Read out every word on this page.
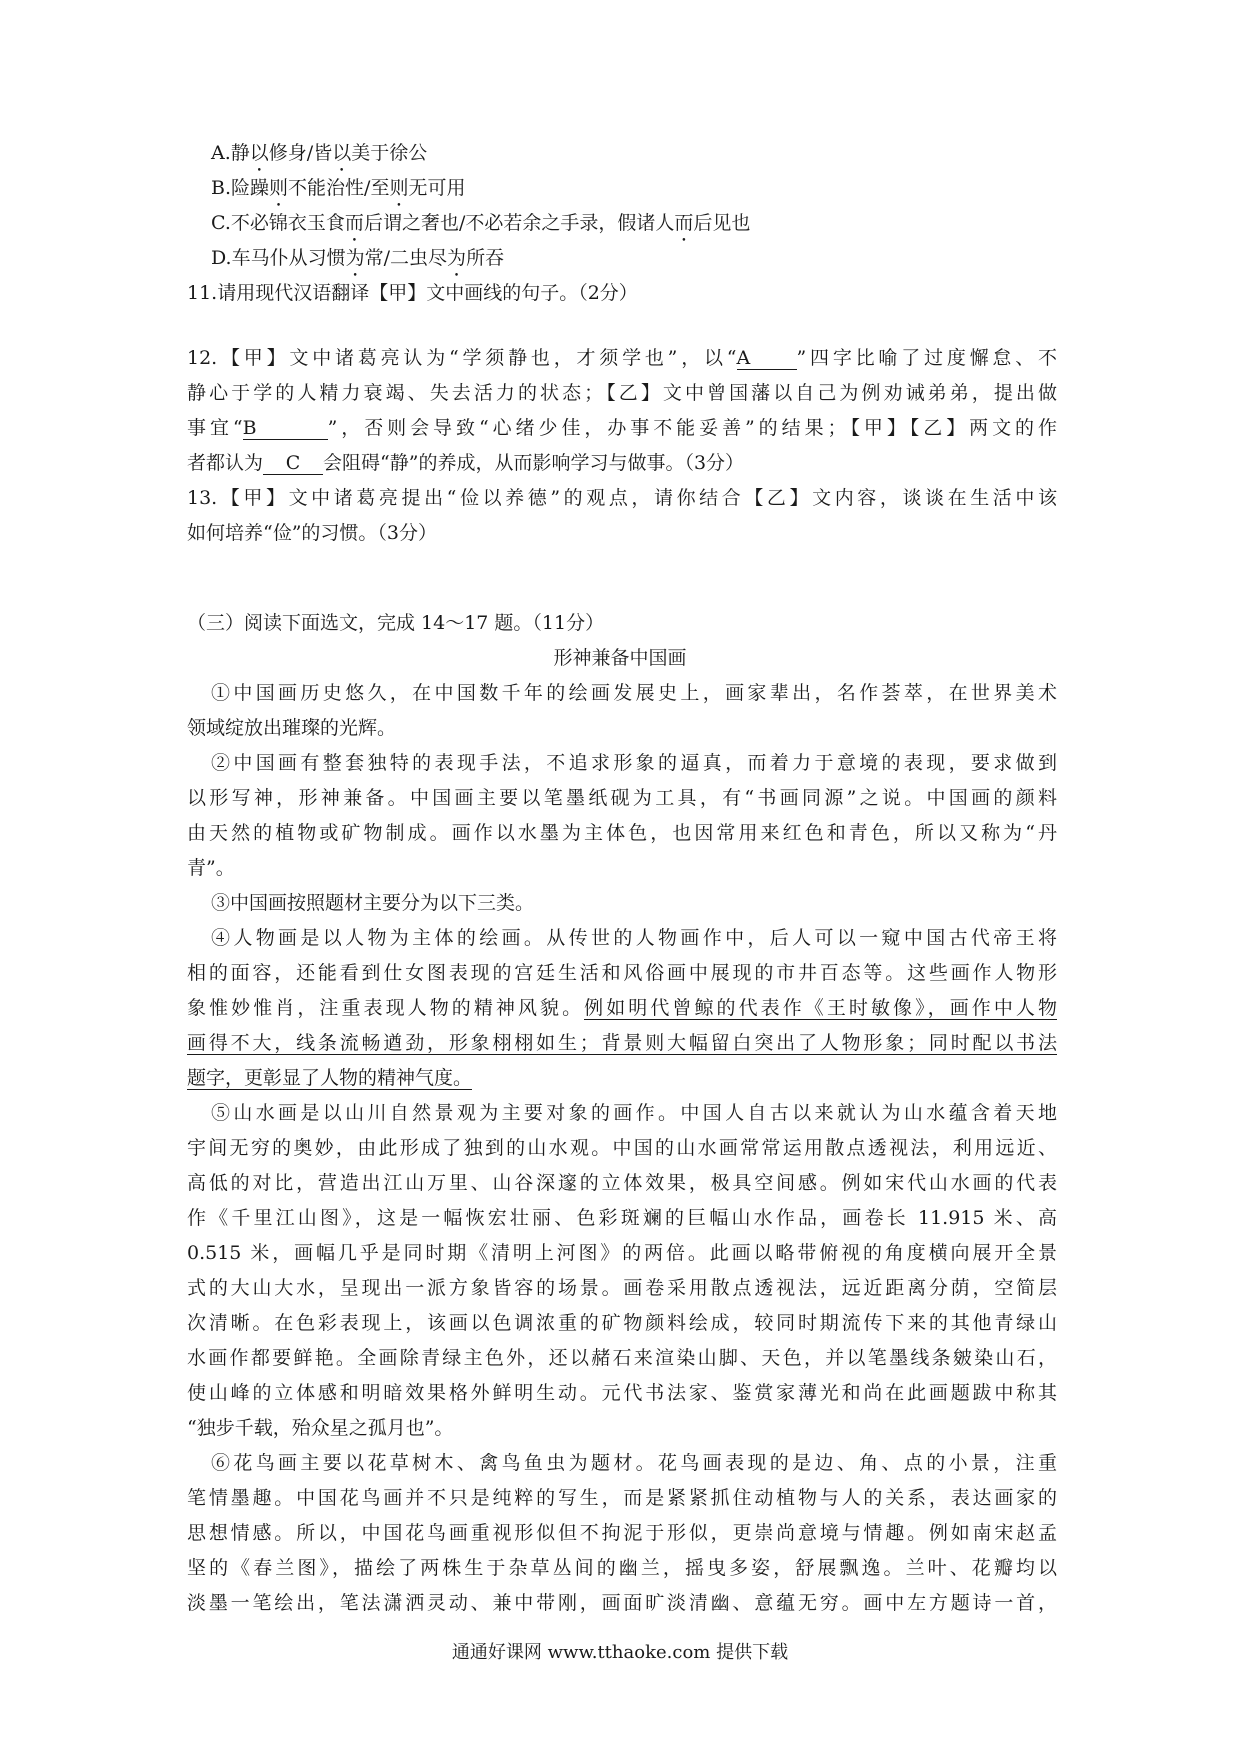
A.静以修身/皆以美于徐公
B.险躁则不能治性/至则无可用
C.不必锦衣玉食而后谓之奢也/不必若余之手录，假诸人而后见也
D.车马仆从习惯为常/二虫尽为所吞
11.请用现代汉语翻译【甲】文中画线的句子。（2分）
12.【甲】文中诸葛亮认为“学须静也，才须学也”，以“A ”四字比喻了过度懈怠、不
静心于学的人精力衰竭、失去活力的状态；【乙】文中曾国藩以自己为例劝诫弟弟，提出做
事宜“B	”，否则会导致“心绪少佳，办事不能妥善”的结果；【甲】【乙】两文的作
者都认为 C 会阻碍“静”的养成，从而影响学习与做事。（3分）
13.【甲】文中诸葛亮提出“俭以养德”的观点，请你结合【乙】文内容，谈谈在生活中该
如何培养“俭”的习惯。（3分）
（三）阅读下面选文，完成 14～17 题。（11分）
形神兼备中国画
①中国画历史悠久，在中国数千年的绘画发展史上，画家辈出，名作荟萃，在世界美术
领域绽放出璀璨的光辉。
②中国画有整套独特的表现手法，不追求形象的逼真，而着力于意境的表现，要求做到
以形写神，形神兼备。中国画主要以笔墨纸砚为工具，有“书画同源”之说。中国画的颜料
由天然的植物或矿物制成。画作以水墨为主体色，也因常用来红色和青色，所以又称为“丹
青”。
③中国画按照题材主要分为以下三类。
④人物画是以人物为主体的绘画。从传世的人物画作中，后人可以一窥中国古代帝王将
相的面容，还能看到仕女图表现的宫廷生活和风俗画中展现的市井百态等。这些画作人物形
象惟妙惟肖，注重表现人物的精神风貌。例如明代曾鲸的代表作《王时敏像》，画作中人物
画得不大，线条流畅遒劲，形象栩栩如生；背景则大幅留白突出了人物形象；同时配以书法
题字，更彰显了人物的精神气度。
⑤山水画是以山川自然景观为主要对象的画作。中国人自古以来就认为山水蕴含着天地
宇间无穷的奥妙，由此形成了独到的山水观。中国的山水画常常运用散点透视法，利用远近、
高低的对比，营造出江山万里、山谷深邃的立体效果，极具空间感。例如宋代山水画的代表
作《千里江山图》，这是一幅恢宏壮丽、色彩斑斓的巨幅山水作品，画卷长 11.915 米、高
0.515 米，画幅几乎是同时期《清明上河图》的两倍。此画以略带俯视的角度横向展开全景
式的大山大水，呈现出一派方象皆容的场景。画卷采用散点透视法，远近距离分荫，空简层
次清晰。在色彩表现上，该画以色调浓重的矿物颜料绘成，较同时期流传下来的其他青绿山
水画作都要鲜艳。全画除青绿主色外，还以赭石来渲染山脚、天色，并以笔墨线条皴染山石，
使山峰的立体感和明暗效果格外鲜明生动。元代书法家、鉴赏家薄光和尚在此画题跋中称其
“独步千载，殆众星之孤月也”。
⑥花鸟画主要以花草树木、禽鸟鱼虫为题材。花鸟画表现的是边、角、点的小景，注重
笔情墨趣。中国花鸟画并不只是纯粹的写生，而是紧紧抓住动植物与人的关系，表达画家的
思想情感。所以，中国花鸟画重视形似但不拘泥于形似，更崇尚意境与情趣。例如南宋赵孟
坚的《春兰图》，描绘了两株生于杂草丛间的幽兰，摇曳多姿，舒展飘逸。兰叶、花瓣均以
淡墨一笔绘出，笔法潇洒灵动、兼中带刚，画面旷淡清幽、意蕴无穷。画中左方题诗一首，
通通好课网 www.tthaoke.com 提供下载
